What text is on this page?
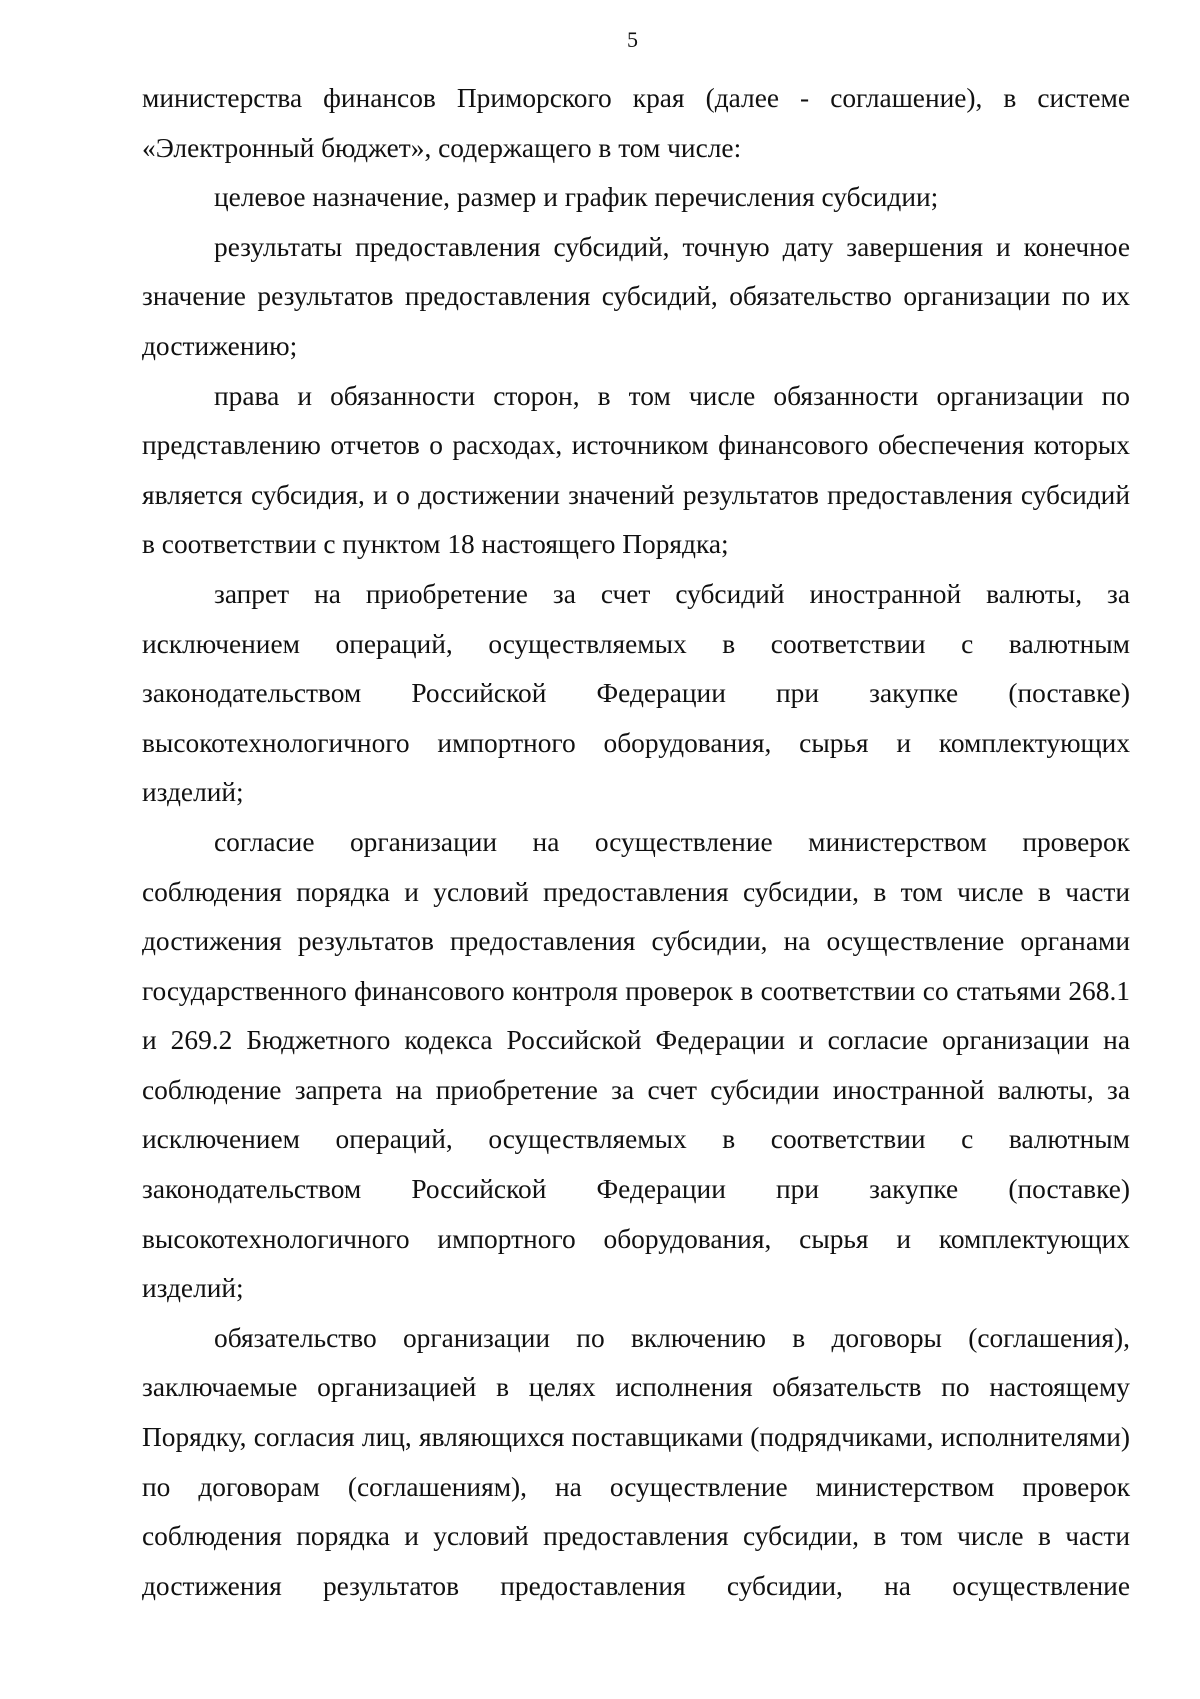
5

министерства финансов Приморского края (далее - соглашение), в системе «Электронный бюджет», содержащего в том числе:

целевое назначение, размер и график перечисления субсидии;

результаты предоставления субсидий, точную дату завершения и конечное значение результатов предоставления субсидий, обязательство организации по их достижению;

права и обязанности сторон, в том числе обязанности организации по представлению отчетов о расходах, источником финансового обеспечения которых является субсидия, и о достижении значений результатов предоставления субсидий в соответствии с пунктом 18 настоящего Порядка;

запрет на приобретение за счет субсидий иностранной валюты, за исключением операций, осуществляемых в соответствии с валютным законодательством Российской Федерации при закупке (поставке) высокотехнологичного импортного оборудования, сырья и комплектующих изделий;

согласие организации на осуществление министерством проверок соблюдения порядка и условий предоставления субсидии, в том числе в части достижения результатов предоставления субсидии, на осуществление органами государственного финансового контроля проверок в соответствии со статьями 268.1 и 269.2 Бюджетного кодекса Российской Федерации и согласие организации на соблюдение запрета на приобретение за счет субсидии иностранной валюты, за исключением операций, осуществляемых в соответствии с валютным законодательством Российской Федерации при закупке (поставке) высокотехнологичного импортного оборудования, сырья и комплектующих изделий;

обязательство организации по включению в договоры (соглашения), заключаемые организацией в целях исполнения обязательств по настоящему Порядку, согласия лиц, являющихся поставщиками (подрядчиками, исполнителями) по договорам (соглашениям), на осуществление министерством проверок соблюдения порядка и условий предоставления субсидии, в том числе в части достижения результатов предоставления субсидии, на осуществление
